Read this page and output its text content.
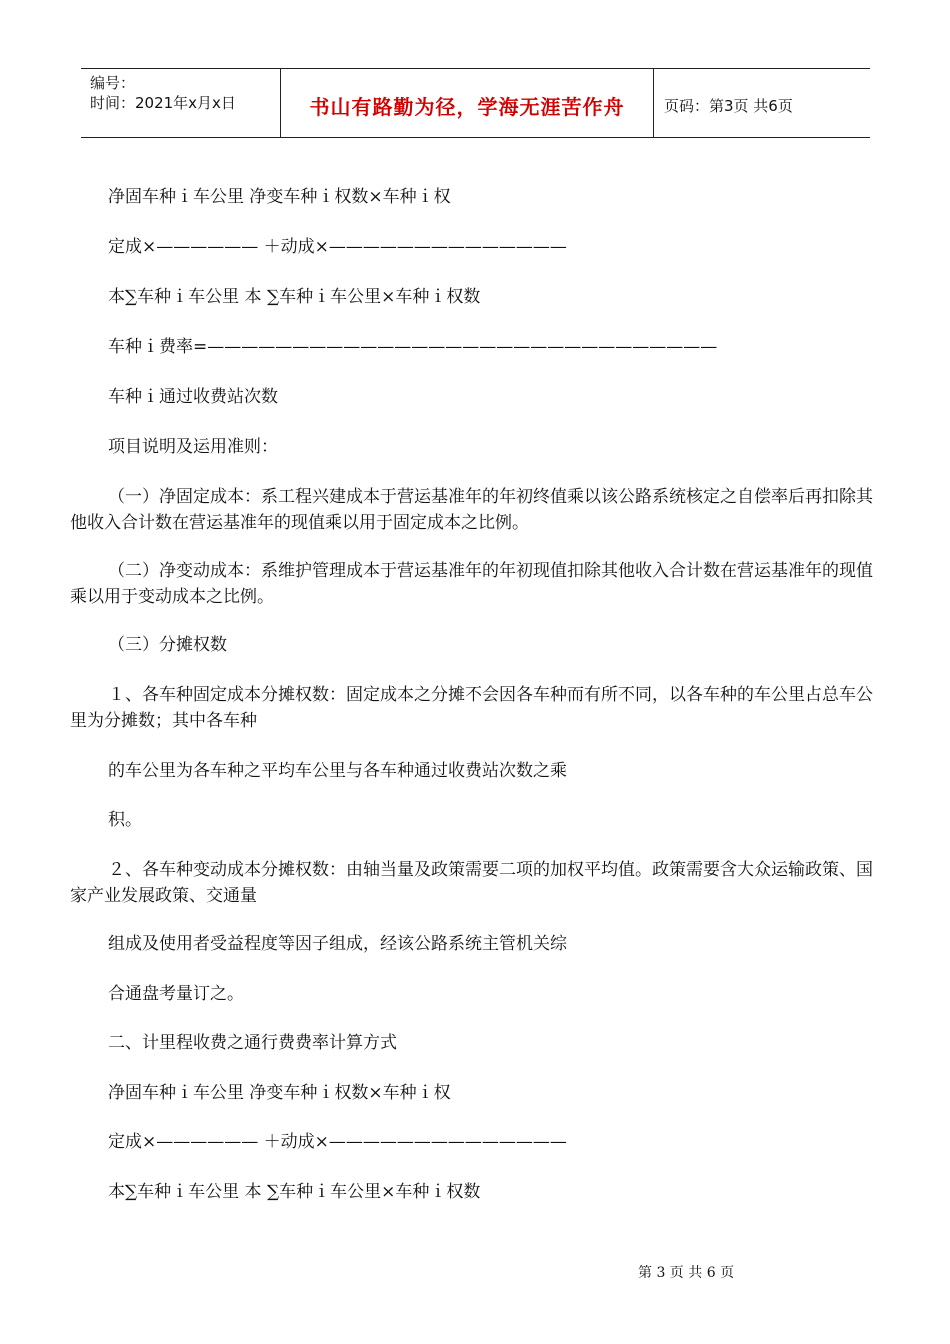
编号：
时间：2021年x月x日	书山有路勤为径，学海无涯苦作舟	页码：第3页 共6页
净固车种ｉ车公里 净变车种ｉ权数×车种ｉ权
定成×—————— ＋动成×——————————————
本∑车种ｉ车公里 本 ∑车种ｉ车公里×车种ｉ权数
车种ｉ费率=——————————————————————————————
车种ｉ通过收费站次数
项目说明及运用准则：
（一）净固定成本：系工程兴建成本于营运基准年的年初终值乘以该公路系统核定之自偿率后再扣除其他收入合计数在营运基准年的现值乘以用于固定成本之比例。
（二）净变动成本：系维护管理成本于营运基准年的年初现值扣除其他收入合计数在营运基准年的现值乘以用于变动成本之比例。
（三）分摊权数
１、各车种固定成本分摊权数：固定成本之分摊不会因各车种而有所不同，以各车种的车公里占总车公里为分摊数；其中各车种
的车公里为各车种之平均车公里与各车种通过收费站次数之乘
积。
２、各车种变动成本分摊权数：由轴当量及政策需要二项的加权平均值。政策需要含大众运输政策、国家产业发展政策、交通量
组成及使用者受益程度等因子组成，经该公路系统主管机关综
合通盘考量订之。
二、计里程收费之通行费费率计算方式
净固车种ｉ车公里 净变车种ｉ权数×车种ｉ权
定成×—————— ＋动成×——————————————
本∑车种ｉ车公里 本 ∑车种ｉ车公里×车种ｉ权数
第 3 页 共 6 页
